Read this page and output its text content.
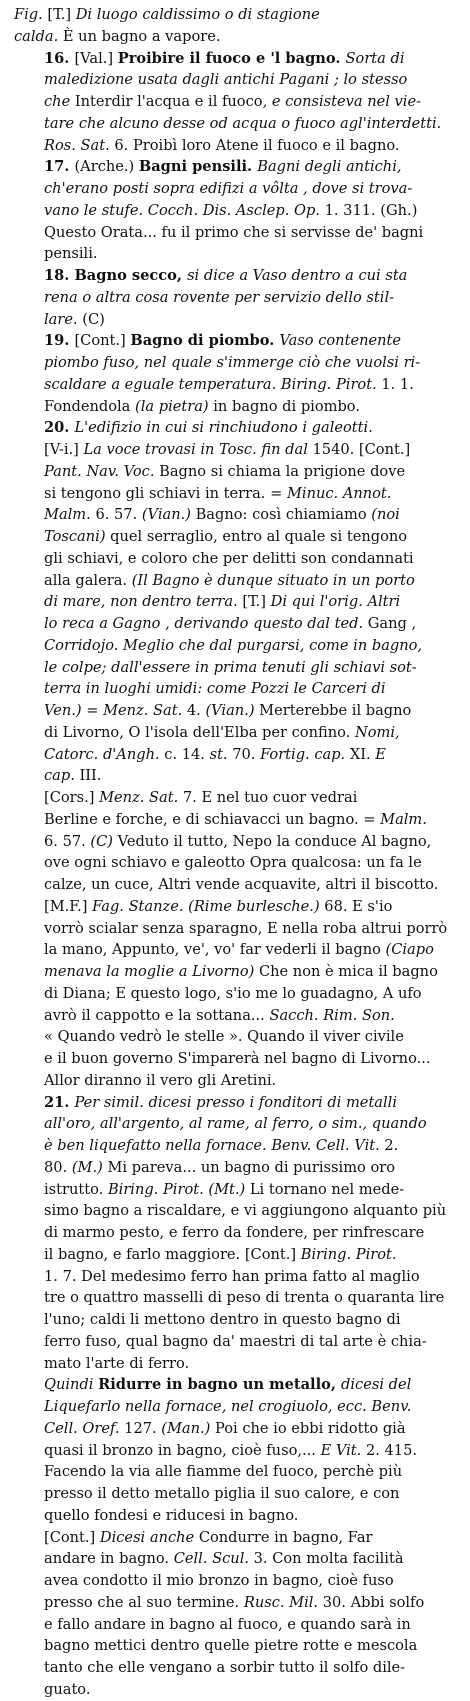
Fig. [T.] Di luogo caldissimo o di stagione
calda. È un bagno a vapore.
16. [Val.] Proibire il fuoco e 'l bagno. Sorta di
maledizione usata dagli antichi Pagani ; lo stesso
che Interdir l'acqua e il fuoco, e consisteva nel vie-
tare che alcuno desse od acqua o fuoco agl'interdetti.
Ros. Sat. 6. Proibì loro Atene il fuoco e il bagno.
17. (Arche.) Bagni pensili. Bagni degli antichi,
ch'erano posti sopra edifizi a vôlta , dove si trova-
vano le stufe. Cocch. Dis. Asclep. Op. 1. 311. (Gh.)
Questo Orata... fu il primo che si servisse de' bagni
pensili.
18. Bagno secco, si dice a Vaso dentro a cui sta
rena o altra cosa rovente per servizio dello stil-
lare. (C)
19. [Cont.] Bagno di piombo. Vaso contenente
piombo fuso, nel quale s'immerge ciò che vuolsi ri-
scaldare a eguale temperatura. Biring. Pirot. 1. 1.
Fondendola (la pietra) in bagno di piombo.
20. L'edifizio in cui si rinchiudono i galeotti.
[V-i.] La voce trovasi in Tosc. fin dal 1540. [Cont.]
Pant. Nav. Voc. Bagno si chiama la prigione dove
si tengono gli schiavi in terra. = Minuc. Annot.
Malm. 6. 57. (Vian.) Bagno: così chiamiamo (noi
Toscani) quel serraglio, entro al quale si tengono
gli schiavi, e coloro che per delitti son condannati
alla galera. (Il Bagno è dunque situato in un porto
di mare, non dentro terra. [T.] Di qui l'orig. Altri
lo reca a Gagno , derivando questo dal ted. Gang ,
Corridojo. Meglio che dal purgarsi, come in bagno,
le colpe; dall'essere in prima tenuti gli schiavi sot-
terra in luoghi umidi: come Pozzi le Carceri di
Ven.) = Menz. Sat. 4. (Vian.) Merterebbe il bagno
di Livorno, O l'isola dell'Elba per confino. Nomi,
Catorc. d'Angh. c. 14. st. 70. Fortig. cap. XI. E
cap. III.
[Cors.] Menz. Sat. 7. E nel tuo cuor vedrai
Berline e forche, e di schiavacci un bagno. = Malm.
6. 57. (C) Veduto il tutto, Nepo la conduce Al bagno,
ove ogni schiavo e galeotto Opra qualcosa: un fa le
calze, un cuce, Altri vende acquavite, altri il biscotto.
[M.F.] Fag. Stanze. (Rime burlesche.) 68. E s'io
vorrò scialar senza sparagno, E nella roba altrui porrò
la mano, Appunto, ve', vo' far vederli il bagno (Ciapo
menava la moglie a Livorno) Che non è mica il bagno
di Diana; E questo logo, s'io me lo guadagno, A ufo
avrò il cappotto e la sottana... Sacch. Rim. Son.
« Quando vedrò le stelle ». Quando il viver civile
e il buon governo S'imparerà nel bagno di Livorno...
Allor diranno il vero gli Aretini.
21. Per simil. dicesi presso i fonditori di metalli
all'oro, all'argento, al rame, al ferro, o sim., quando
è ben liquefatto nella fornace. Benv. Cell. Vit. 2.
80. (M.) Mi pareva... un bagno di purissimo oro
istrutto. Biring. Pirot. (Mt.) Li tornano nel mede-
simo bagno a riscaldare, e vi aggiungono alquanto più
di marmo pesto, e ferro da fondere, per rinfrescare
il bagno, e farlo maggiore. [Cont.] Biring. Pirot.
1. 7. Del medesimo ferro han prima fatto al maglio
tre o quattro masselli di peso di trenta o quaranta lire
l'uno; caldi li mettono dentro in questo bagno di
ferro fuso, qual bagno da' maestri di tal arte è chia-
mato l'arte di ferro.
Quindi Ridurre in bagno un metallo, dicesi del
Liquefarlo nella fornace, nel crogiuolo, ecc. Benv.
Cell. Oref. 127. (Man.) Poi che io ebbi ridotto già
quasi il bronzo in bagno, cioè fuso,... E Vit. 2. 415.
Facendo la via alle fiamme del fuoco, perchè più
presso il detto metallo piglia il suo calore, e con
quello fondesi e riducesi in bagno.
[Cont.] Dicesi anche Condurre in bagno, Far
andare in bagno. Cell. Scul. 3. Con molta facilità
avea condotto il mio bronzo in bagno, cioè fuso
presso che al suo termine. Rusc. Mil. 30. Abbi solfo
e fallo andare in bagno al fuoco, e quando sarà in
bagno mettici dentro quelle pietre rotte e mescola
tanto che elle vengano a sorbir tutto il solfo dile-
guato.
